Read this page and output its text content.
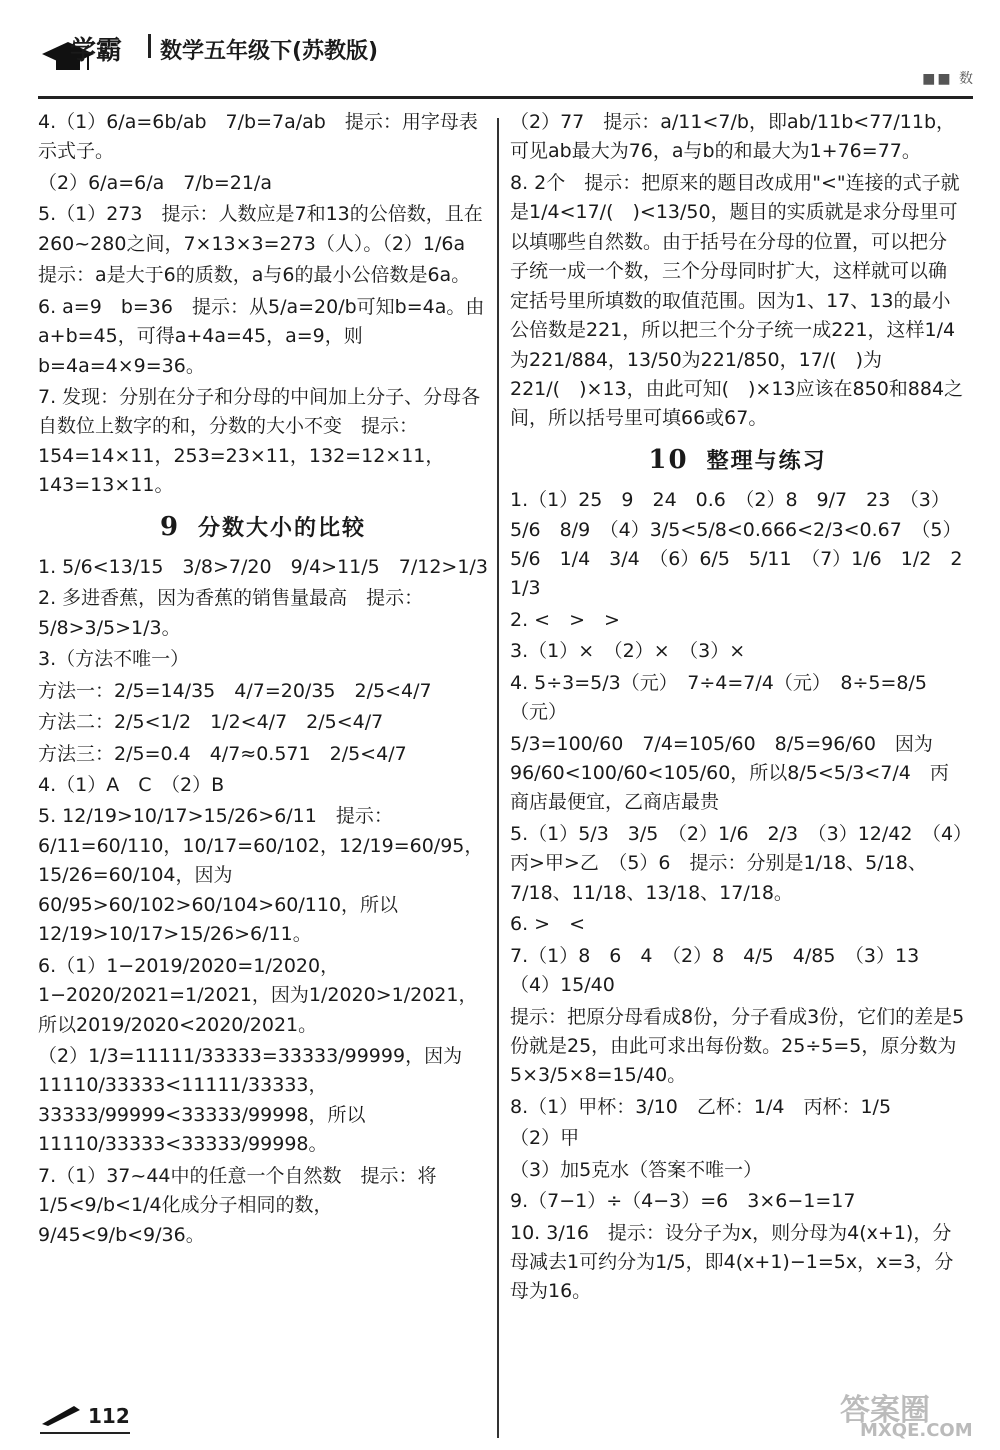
学霸 数学五年级下(苏教版)
■■ 数
4.（1）6/a=6b/ab　7/b=7a/ab　提示：用字母表示式子。
（2）6/a=6/a　7/b=21/a
5.（1）273　提示：人数应是7和13的公倍数，且在260~280之间，7×13×3=273（人）。（2）1/6a
提示：a是大于6的质数，a与6的最小公倍数是6a。
6. a=9　b=36　提示：从5/a=20/b可知b=4a。由a+b=45，可得a+4a=45，a=9，则b=4a=4×9=36。
7. 发现：分别在分子和分母的中间加上分子、分母各自数位上数字的和，分数的大小不变　提示：154=14×11，253=23×11，132=12×11，143=13×11。
9 分数大小的比较
1. 5/6<13/15　3/8>7/20　9/4>11/5　7/12>1/3
2. 多进香蕉，因为香蕉的销售量最高　提示：5/8>3/5>1/3。
3.（方法不唯一）
方法一：2/5=14/35　4/7=20/35　2/5<4/7
方法二：2/5<1/2　1/2<4/7　2/5<4/7
方法三：2/5=0.4　4/7≈0.571　2/5<4/7
4.（1）A　C　（2）B
5. 12/19>10/17>15/26>6/11　提示：6/11=60/110，10/17=60/102，12/19=60/95，15/26=60/104，因为60/95>60/102>60/104>60/110，所以12/19>10/17>15/26>6/11。
6.（1）1−2019/2020=1/2020，1−2020/2021=1/2021，因为1/2020>1/2021，所以2019/2020<2020/2021。
（2）1/3=11111/33333=33333/99999，因为11110/33333<11111/33333，33333/99999<33333/99998，所以11110/33333<33333/99998。
7.（1）37~44中的任意一个自然数　提示：将1/5<9/b<1/4化成分子相同的数，9/45<9/b<9/36。
（2）77　提示：a/11<7/b，即ab/11b<77/11b，可见ab最大为76，a与b的和最大为1+76=77。
8. 2个　提示：把原来的题目改成用"<"连接的式子就是1/4<17/(　)<13/50，题目的实质就是求分母里可以填哪些自然数。由于括号在分母的位置，可以把分子统一成一个数，三个分母同时扩大，这样就可以确定括号里所填数的取值范围。因为1、17、13的最小公倍数是221，所以把三个分子统一成221，这样1/4为221/884，13/50为221/850，17/(　)为221/(　)×13，由此可知(　)×13应该在850和884之间，所以括号里可填66或67。
10 整理与练习
1.（1）25　9　24　0.6　（2）8　9/7　23　（3）5/6　8/9　（4）3/5<5/8<0.666<2/3<0.67　（5）5/6　1/4　3/4　（6）6/5　5/11　（7）1/6　1/2　2　1/3
2. <　>　>
3.（1）×　（2）×　（3）×
4. 5÷3=5/3（元）　7÷4=7/4（元）　8÷5=8/5（元）
5/3=100/60　7/4=105/60　8/5=96/60　因为96/60<100/60<105/60，所以8/5<5/3<7/4　丙商店最便宜，乙商店最贵
5.（1）5/3　3/5　（2）1/6　2/3　（3）12/42　（4）丙>甲>乙　（5）6　提示：分别是1/18、5/18、7/18、11/18、13/18、17/18。
6. >　<
7.（1）8　6　4　（2）8　4/5　4/85　（3）13　（4）15/40
提示：把原分母看成8份，分子看成3份，它们的差是5份就是25，由此可求出每份数。25÷5=5，原分数为5×3/5×8=15/40。
8.（1）甲杯：3/10　乙杯：1/4　丙杯：1/5
（2）甲
（3）加5克水（答案不唯一）
9.（7−1）÷（4−3）=6　3×6−1=17
10. 3/16　提示：设分子为x，则分母为4(x+1)，分母减去1可约分为1/5，即4(x+1)−1=5x，x=3，分母为16。
112	答案圈
MXQE.COM
